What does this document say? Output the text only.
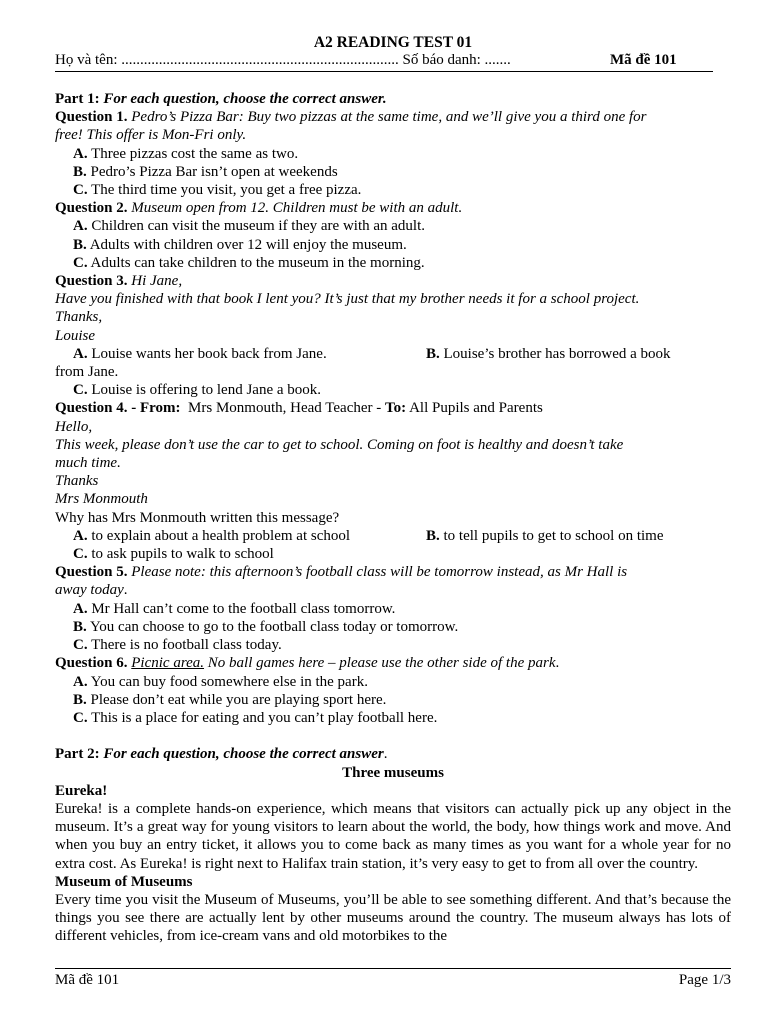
A2 READING TEST 01
Họ và tên: .......................................................................... Số báo danh: .......	Mã đề 101
Part 1: For each question, choose the correct answer.
Question 1. Pedro’s Pizza Bar: Buy two pizzas at the same time, and we’ll give you a third one for
free! This offer is Mon-Fri only.
A. Three pizzas cost the same as two.
B. Pedro’s Pizza Bar isn’t open at weekends
C. The third time you visit, you get a free pizza.
Question 2. Museum open from 12. Children must be with an adult.
A. Children can visit the museum if they are with an adult.
B. Adults with children over 12 will enjoy the museum.
C. Adults can take children to the museum in the morning.
Question 3. Hi Jane,
Have you finished with that book I lent you? It’s just that my brother needs it for a school project.
Thanks,
Louise
A. Louise wants her book back from Jane.	B. Louise’s brother has borrowed a book
from Jane.
C. Louise is offering to lend Jane a book.
Question 4. - From: Mrs Monmouth, Head Teacher - To: All Pupils and Parents
Hello,
This week, please don’t use the car to get to school. Coming on foot is healthy and doesn’t take
much time.
Thanks
Mrs Monmouth
Why has Mrs Monmouth written this message?
A. to explain about a health problem at school	B. to tell pupils to get to school on time
C. to ask pupils to walk to school
Question 5. Please note: this afternoon’s football class will be tomorrow instead, as Mr Hall is
away today.
A. Mr Hall can’t come to the football class tomorrow.
B. You can choose to go to the football class today or tomorrow.
C. There is no football class today.
Question 6. Picnic area. No ball games here – please use the other side of the park.
A. You can buy food somewhere else in the park.
B. Please don’t eat while you are playing sport here.
C. This is a place for eating and you can’t play football here.
Part 2: For each question, choose the correct answer.
Three museums
Eureka!
Eureka! is a complete hands-on experience, which means that visitors can actually pick up any object in the museum. It’s a great way for young visitors to learn about the world, the body, how things work and move. And when you buy an entry ticket, it allows you to come back as many times as you want for a whole year for no extra cost. As Eureka! is right next to Halifax train station, it’s very easy to get to from all over the country.
Museum of Museums
Every time you visit the Museum of Museums, you’ll be able to see something different. And that’s because the things you see there are actually lent by other museums around the country. The museum always has lots of different vehicles, from ice-cream vans and old motorbikes to the
Mã đề 101	Page 1/3
